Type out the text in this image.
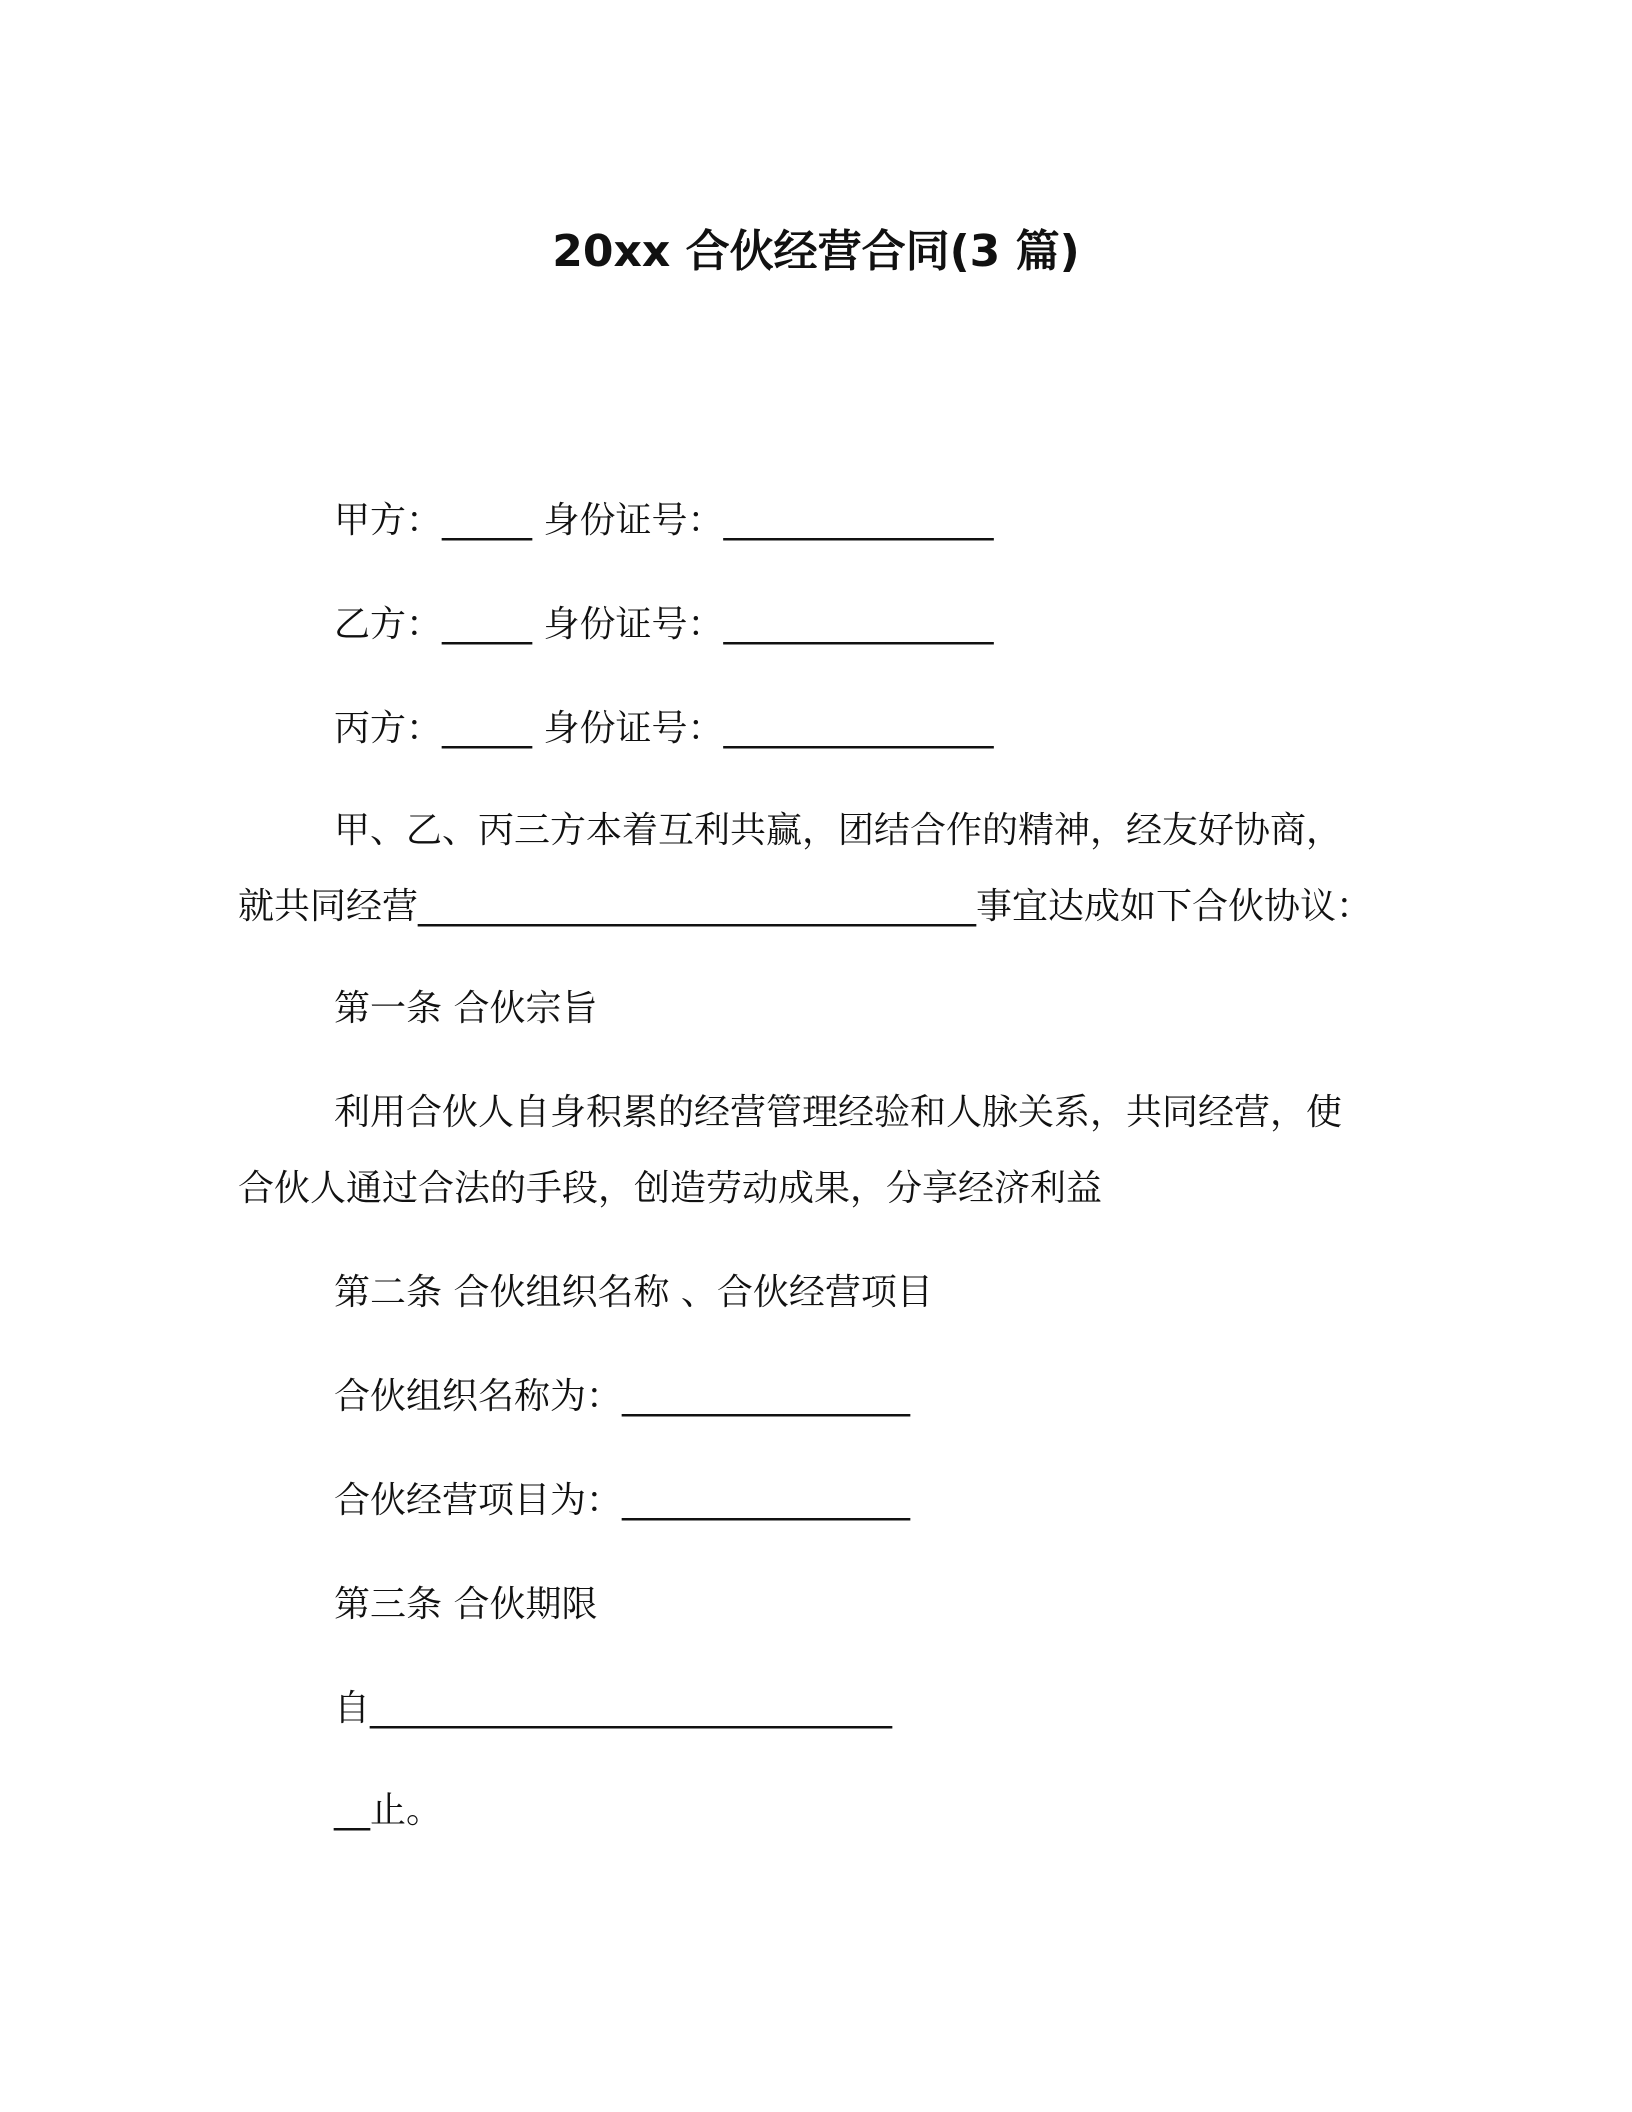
20xx 合伙经营合同(3 篇)
甲方：_____ 身份证号：_______________
乙方：_____ 身份证号：_______________
丙方：_____ 身份证号：_______________
甲、乙、丙三方本着互利共赢，团结合作的精神，经友好协商，
就共同经营_______________________________事宜达成如下合伙协议：
第一条 合伙宗旨
利用合伙人自身积累的经营管理经验和人脉关系，共同经营，使
合伙人通过合法的手段，创造劳动成果，分享经济利益
第二条 合伙组织名称 、合伙经营项目
合伙组织名称为：________________
合伙经营项目为：________________
第三条 合伙期限
自_____________________________
__止。
